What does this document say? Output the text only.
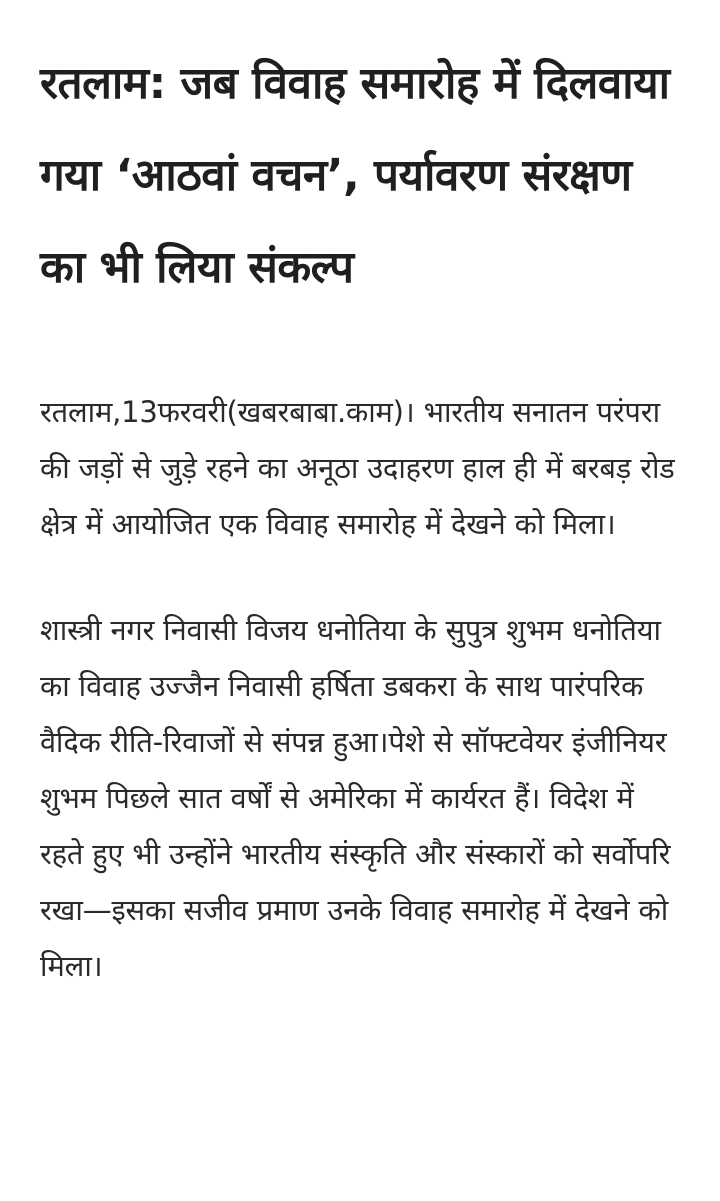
रतलाम: जब विवाह समारोह में दिलवाया गया ‘आठवां वचन’, पर्यावरण संरक्षण का भी लिया संकल्प

रतलाम,13फरवरी(खबरबाबा.काम)। भारतीय सनातन परंपरा की जड़ों से जुड़े रहने का अनूठा उदाहरण हाल ही में बरबड़ रोड क्षेत्र में आयोजित एक विवाह समारोह में देखने को मिला।

शास्त्री नगर निवासी विजय धनोतिया के सुपुत्र शुभम धनोतिया का विवाह उज्जैन निवासी हर्षिता डबकरा के साथ पारंपरिक वैदिक रीति-रिवाजों से संपन्न हुआ।पेशे से सॉफ्टवेयर इंजीनियर शुभम पिछले सात वर्षों से अमेरिका में कार्यरत हैं। विदेश में रहते हुए भी उन्होंने भारतीय संस्कृति और संस्कारों को सर्वोपरि रखा—इसका सजीव प्रमाण उनके विवाह समारोह में देखने को मिला।
